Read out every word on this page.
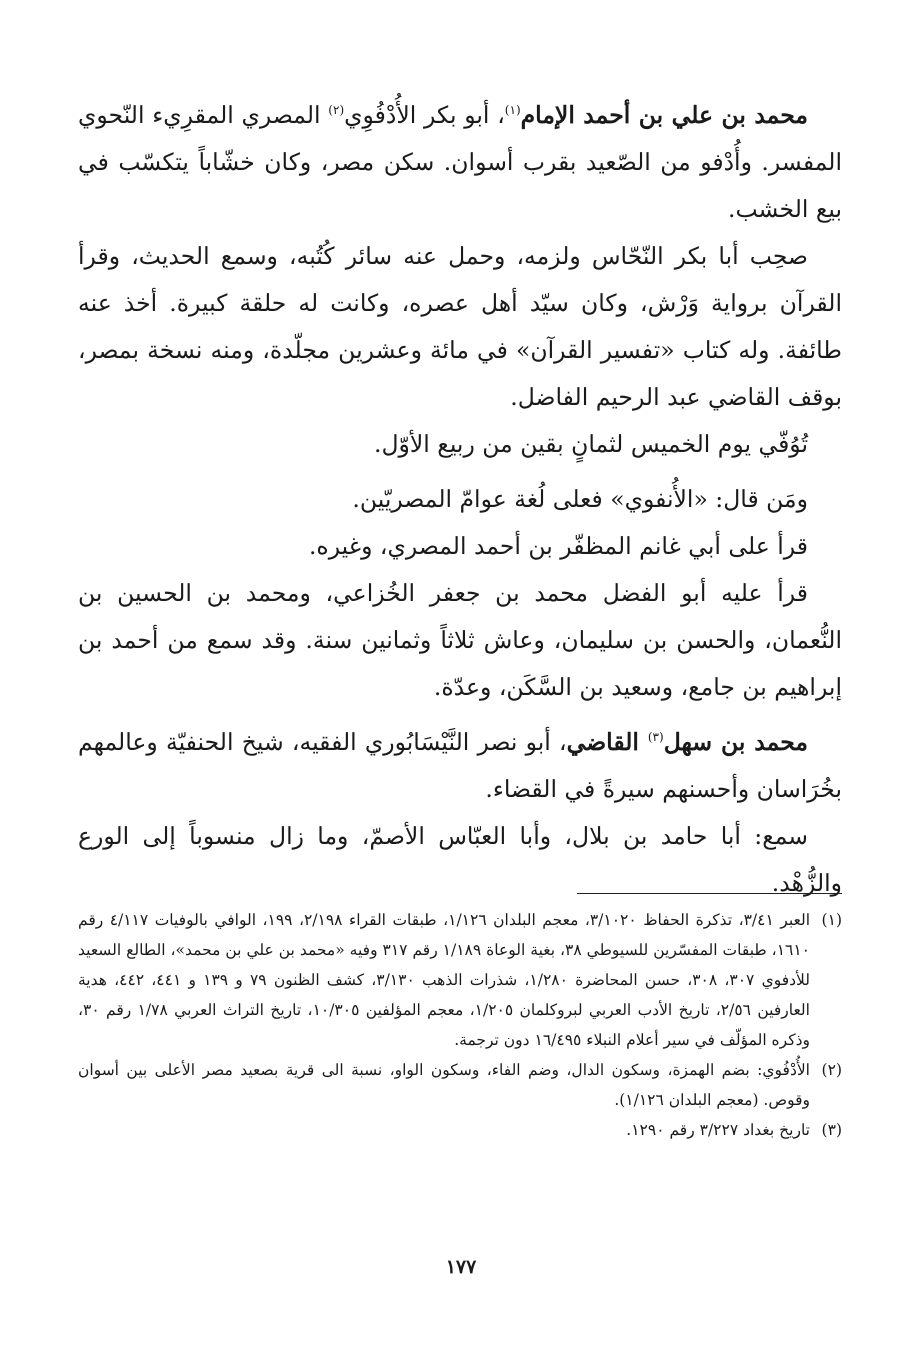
محمد بن علي بن أحمد الإمام$^{(١)}$، أبو بكر الأُدْفُوِي$^{(٢)}$ المصري المقرِيء النّحوي المفسر. وأُدْفو من الصّعيد بقرب أسوان. سكن مصر، وكان خشّاباً يتكسّب في بيع الخشب.

صحِب أبا بكر النّحّاس ولزمه، وحمل عنه سائر كُتُبه، وسمع الحديث، وقرأ القرآن برواية وَرْش، وكان سيّد أهل عصره، وكانت له حلقة كبيرة. أخذ عنه طائفة. وله كتاب «تفسير القرآن» في مائة وعشرين مجلّدة، ومنه نسخة بمصر، بوقف القاضي عبد الرحيم الفاضل.

تُوُفّي يوم الخميس لثمانٍ بقين من ربيع الأوّل.

ومَن قال: «الأُنفوي» فعلى لُغة عوامّ المصريّين.

قرأ على أبي غانم المظفّر بن أحمد المصري، وغيره.

قرأ عليه أبو الفضل محمد بن جعفر الخُزاعي، ومحمد بن الحسين بن النُّعمان، والحسن بن سليمان، وعاش ثلاثاً وثمانين سنة. وقد سمع من أحمد بن إبراهيم بن جامع، وسعيد بن السَّكَن، وعدّة.

محمد بن سهل$^{(٣)}$ القاضي، أبو نصر النَّيْسَابُوري الفقيه، شيخ الحنفيّة وعالمهم بخُرَاسان وأحسنهم سيرةً في القضاء.

سمع: أبا حامد بن بلال، وأبا العبّاس الأصمّ، وما زال منسوباً إلى الورع والزُّهْد.

(١)
العبر ٣/٤١، تذكرة الحفاظ ٣/١٠٢٠، معجم البلدان ١/١٢٦، طبقات القراء ٢/١٩٨، ١٩٩، الوافي بالوفيات ٤/١١٧ رقم ١٦١٠، طبقات المفسّرين للسيوطي ٣٨، بغية الوعاة ١/١٨٩ رقم ٣١٧ وفيه «محمد بن علي بن محمد»، الطالع السعيد للأدفوي ٣٠٧، ٣٠٨، حسن المحاضرة ١/٢٨٠، شذرات الذهب ٣/١٣٠، كشف الظنون ٧٩ و ١٣٩ و ٤٤١، ٤٤٢، هدية العارفين ٢/٥٦، تاريخ الأدب العربي لبروكلمان ١/٢٠٥، معجم المؤلفين ١٠/٣٠٥، تاريخ التراث العربي ١/٧٨ رقم ٣٠، وذكره المؤلّف في سير أعلام النبلاء ١٦/٤٩٥ دون ترجمة.
(٢)
الأُدْفُوي: بضم الهمزة، وسكون الدال، وضم الفاء، وسكون الواو، نسبة الى قرية بصعيد مصر الأعلى بين أسوان وقوص. (معجم البلدان ١/١٢٦).
(٣)
تاريخ بغداد ٣/٢٢٧ رقم ١٢٩٠.
١٧٧
